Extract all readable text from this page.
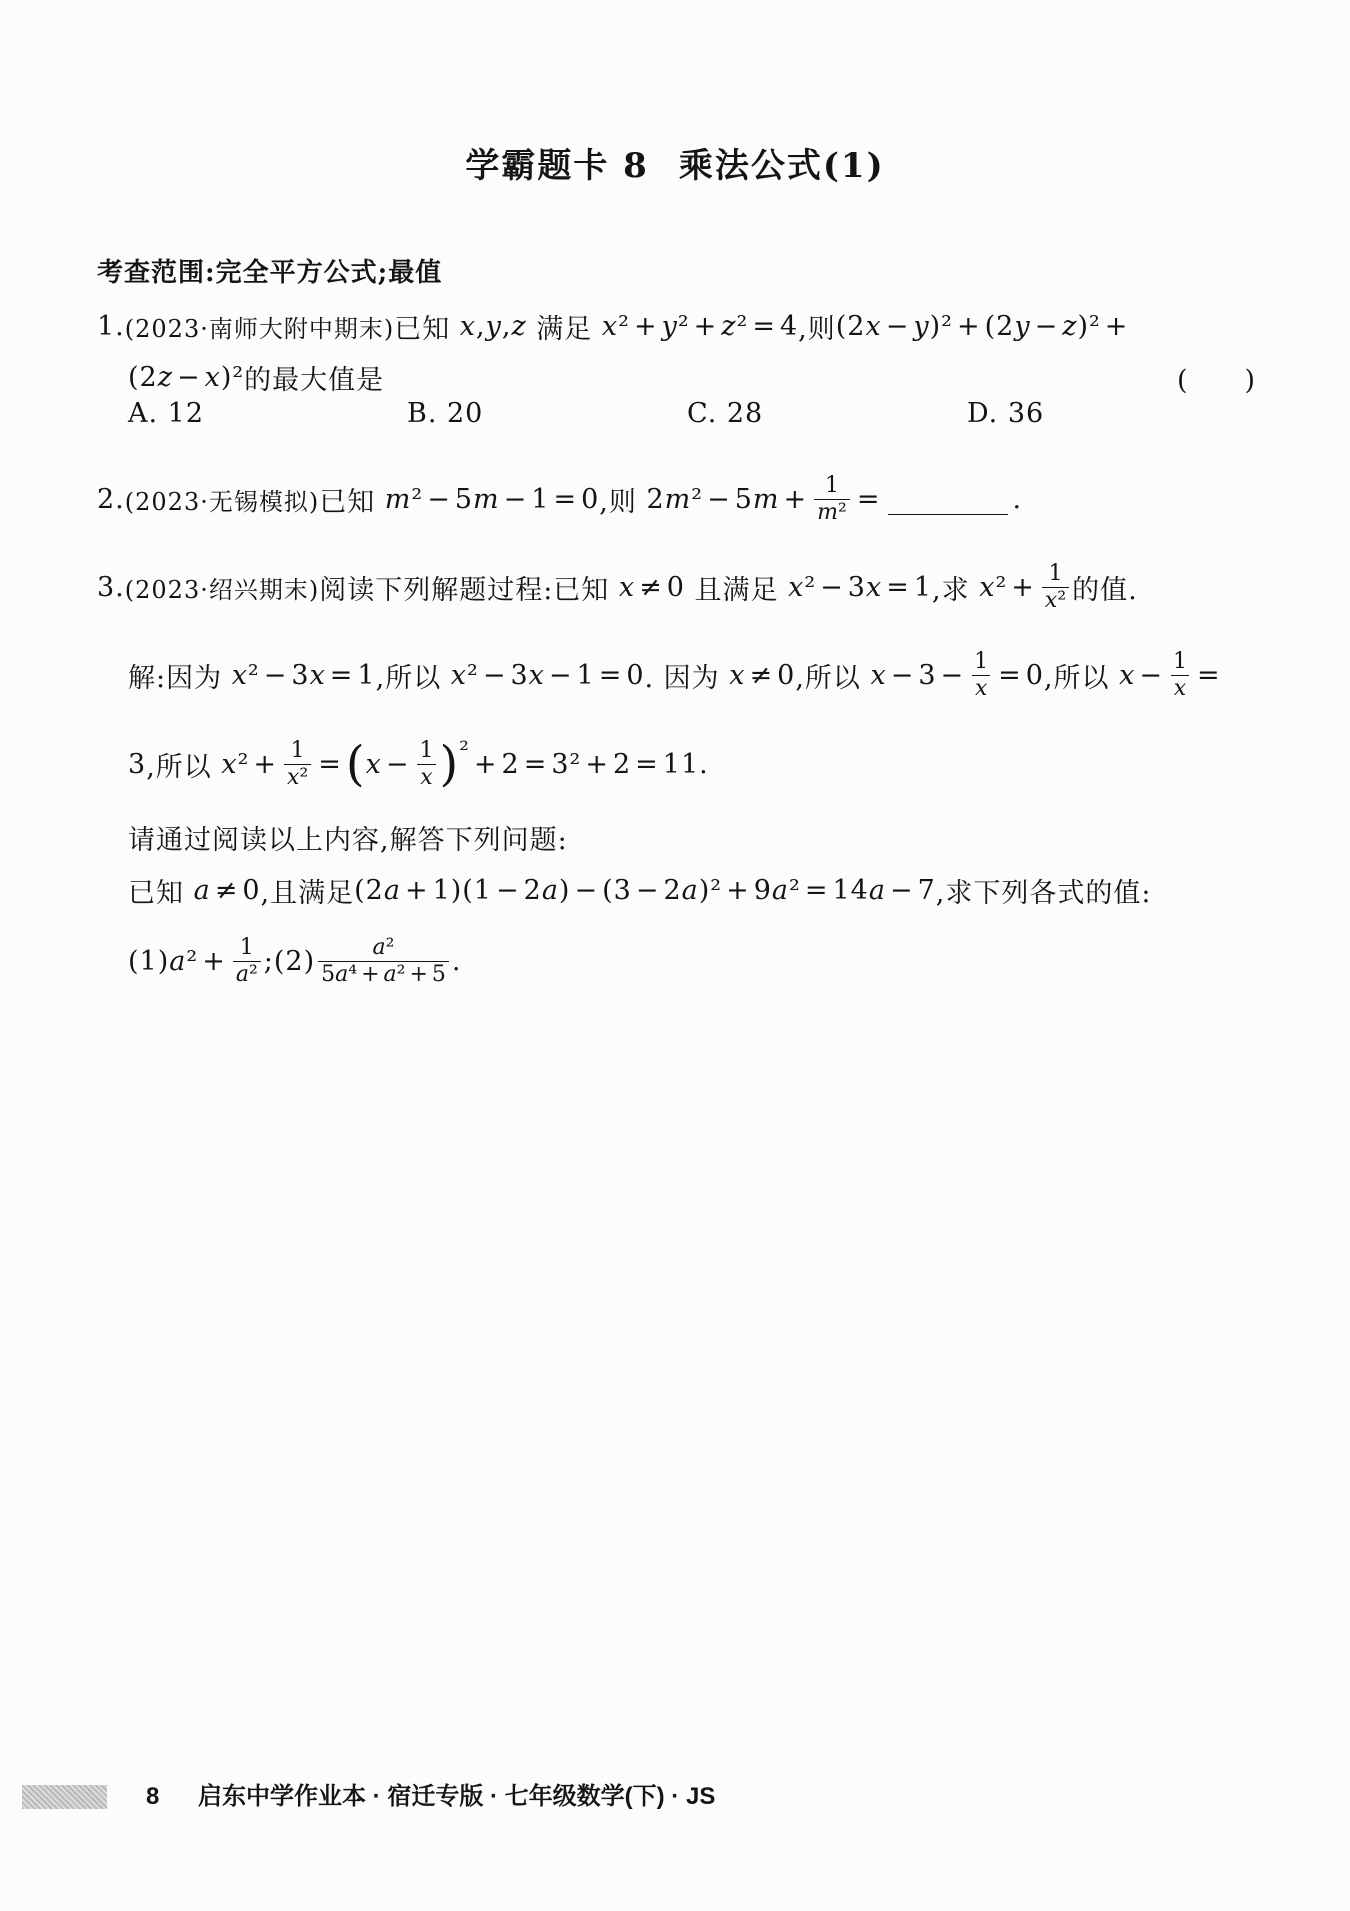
学霸题卡 8 乘法公式(1)
考查范围:完全平方公式;最值
1. (2023·南师大附中期末) 已知 x,y,z 满足 x² + y² + z² = 4 ,则 (2x − y)² + (2y − z)² +
(2z − x)² 的最大值是	(　　)
A. 12	B. 20	C. 28	D. 36
2. (2023·无锡模拟) 已知 m² − 5m − 1 = 0 ,则 $2m^2 - 5m + \frac{1}{\text{m²}}$ =	.
3. (2023·绍兴期末) 阅读下列解题过程:已知 x ≠ 0 且满足 x² − 3x = 1 ,求 $x^2 + \frac{1}{\text{x²}}$ 的值.
解:因为 x² − 3x = 1 ,所以 x² − 3x − 1 = 0 . 因为 x ≠ 0 ,所以 $x - 3 - \frac{1}{x} = 0$ ,所以 $x - \frac{1}{x}$ =
3 ,所以 $x^2 + \frac{1}{\text{x²}}$ = ( $x - \frac{1}{x}$ ) ² + 2 = 3² + 2 = 11 .
请通过阅读以上内容,解答下列问题:
已知 a ≠ 0 ,且满足 (2a + 1)(1 − 2a) − (3 − 2a)² + 9a² = 14a − 7 ,求下列各式的值:
(1) $a^2 + \frac{1}{\text{a²}}$ ;(2) $\frac{\text{a²}}{\text{5a⁴ + a² + 5}}$ .
8 启东中学作业本 · 宿迁专版 · 七年级数学(下) · JS
